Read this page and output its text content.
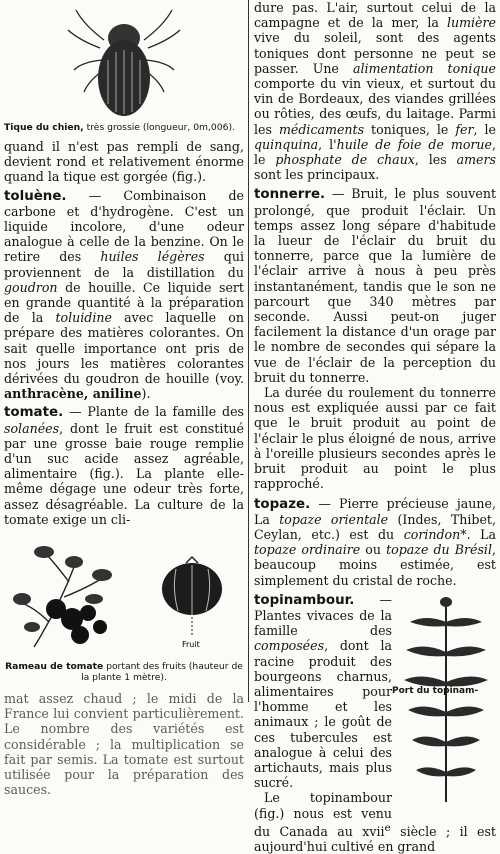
Tique du chien, très grossie (longueur, 0m,006).

quand il n'est pas rempli de sang, devient rond et relativement énorme quand la tique est gorgée (fig.).

toluène. — Combinaison de carbone et d'hydrogène. C'est un liquide incolore, d'une odeur analogue à celle de la benzine. On le retire des huiles légères qui proviennent de la distillation du goudron de houille. Ce liquide sert en grande quantité à la préparation de la toluidine avec laquelle on prépare des matières colorantes. On sait quelle importance ont pris de nos jours les matières colorantes dérivées du goudron de houille (voy. anthracène, aniline).

tomate. — Plante de la famille des solanées, dont le fruit est constitué par une grosse baie rouge remplie d'un suc acide assez agréable, alimentaire (fig.). La plante elle-même dégage une odeur très forte, assez désagréable. La culture de la tomate exige un cli-

Fruit
Rameau de tomate portant des fruits (hauteur de la plante 1 mètre).

mat assez chaud ; le midi de la France lui convient particulièrement. Le nombre des variétés est considérable ; la multiplication se fait par semis. La tomate est surtout utilisée pour la préparation des sauces.

dure pas. L'air, surtout celui de la campagne et de la mer, la lumière vive du soleil, sont des agents toniques dont personne ne peut se passer. Une alimentation tonique comporte du vin vieux, et surtout du vin de Bordeaux, des viandes grillées ou rôties, des œufs, du laitage. Parmi les médicaments toniques, le fer, le quinquina, l'huile de foie de morue, le phosphate de chaux, les amers sont les principaux.

tonnerre. — Bruit, le plus souvent prolongé, que produit l'éclair. Un temps assez long sépare d'habitude la lueur de l'éclair du bruit du tonnerre, parce que la lumière de l'éclair arrive à nous à peu près instantanément, tandis que le son ne parcourt que 340 mètres par seconde. Aussi peut-on juger facilement la distance d'un orage par le nombre de secondes qui sépare la vue de l'éclair de la perception du bruit du tonnerre.

La durée du roulement du tonnerre nous est expliquée aussi par ce fait que le bruit produit au point de l'éclair le plus éloigné de nous, arrive à l'oreille plusieurs secondes après le bruit produit au point le plus rapproché.

topaze. — Pierre précieuse jaune, La topaze orientale (Indes, Thibet, Ceylan, etc.) est du corindon*. La topaze ordinaire ou topaze du Brésil, beaucoup moins estimée, est simplement du cristal de roche.

topinambour. — Plantes vivaces de la famille des composées, dont la racine produit des bourgeons charnus, alimentaires pour l'homme et les animaux ; le goût de ces tubercules est analogue à celui des artichauts, mais plus sucré.

Le topinambour (fig.) nous est venu du Canada au xvii$^e$ siècle ; il est aujourd'hui cultivé en grand

Port du topinam-
